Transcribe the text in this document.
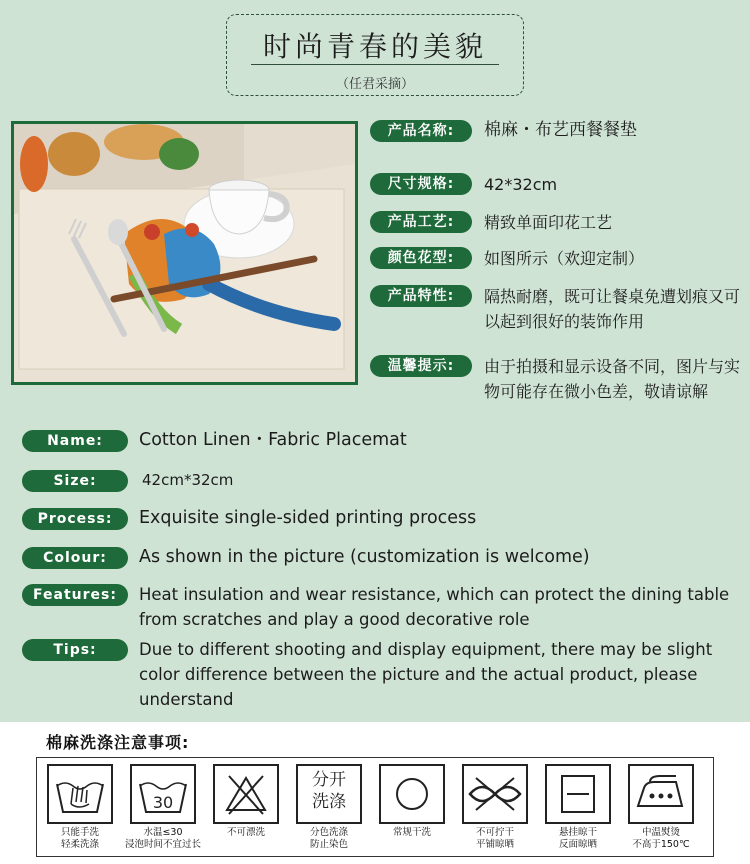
时尚青春的美貌
（任君采摘）
产品名称:	棉麻・布艺西餐餐垫
尺寸规格:	42*32cm
产品工艺:	精致单面印花工艺
颜色花型:	如图所示（欢迎定制）
产品特性:	隔热耐磨，既可让餐桌免遭划痕又可以起到很好的装饰作用
温馨提示:	由于拍摄和显示设备不同，图片与实物可能存在微小色差，敬请谅解
Name:	Cotton Linen・Fabric Placemat
Size:	42cm*32cm
Process:	Exquisite single-sided printing process
Colour:	As shown in the picture (customization is welcome)
Features:	Heat insulation and wear resistance, which can protect the dining table from scratches and play a good decorative role
Tips:	Due to different shooting and display equipment, there may be slight color difference between the picture and the actual product, please understand
棉麻洗涤注意事项:
只能手洗
轻柔洗涤
30
水温≤30
浸泡时间不宜过长
不可漂洗
分开
洗涤
分色洗涤
防止染色
常规干洗	不可拧干
平铺晾晒
悬挂晾干
反面晾晒
中温熨烫
不高于150℃
